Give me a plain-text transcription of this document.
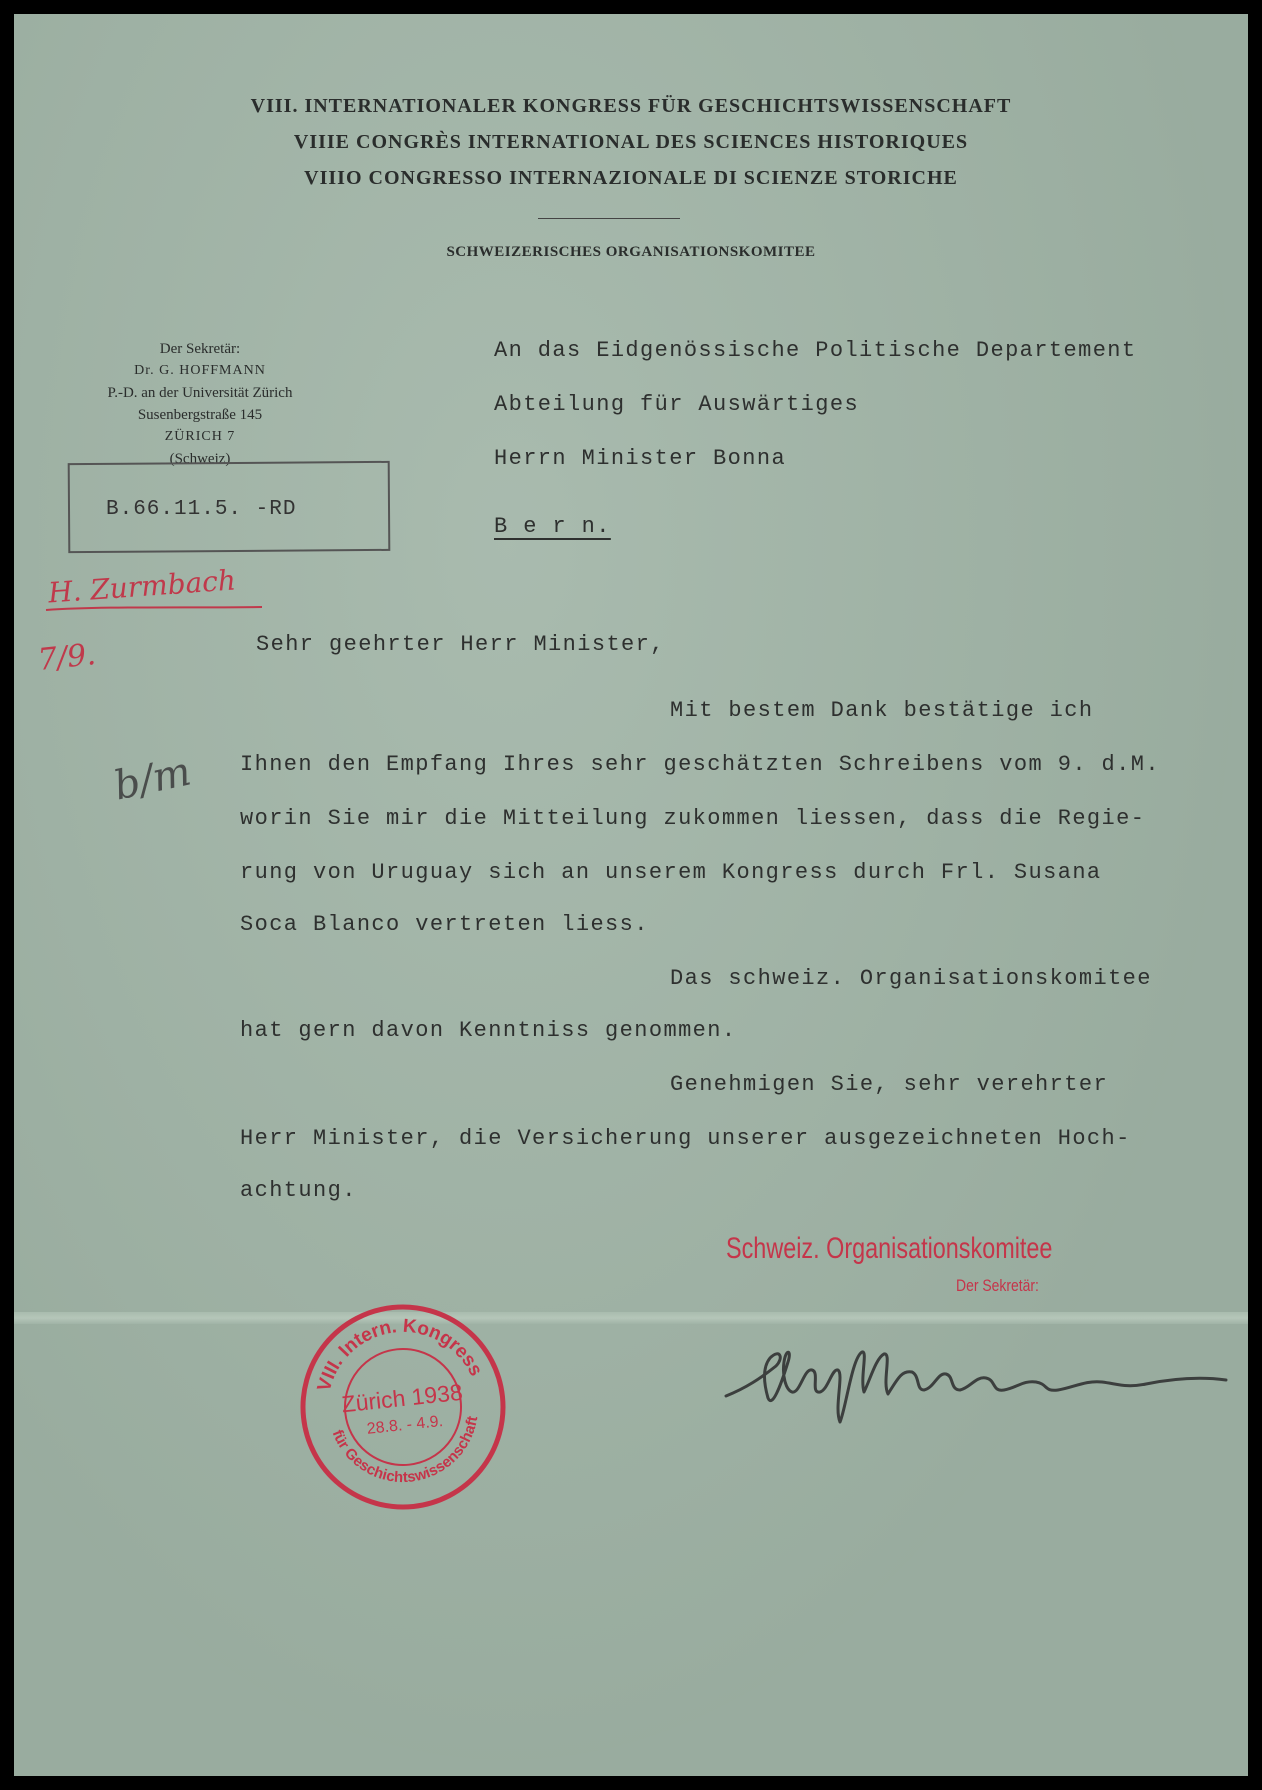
VIII. INTERNATIONALER KONGRESS FÜR GESCHICHTSWISSENSCHAFT
VIIIE CONGRÈS INTERNATIONAL DES SCIENCES HISTORIQUES
VIIIO CONGRESSO INTERNAZIONALE DI SCIENZE STORICHE
SCHWEIZERISCHES ORGANISATIONSKOMITEE
Der Sekretär:
Dr. G. HOFFMANN
P.-D. an der Universität Zürich
Susenbergstraße 145
ZÜRICH 7
(Schweiz)
B.66.11.5. -RD
An das Eidgenössische Politische Departement
Abteilung für Auswärtiges
Herrn Minister Bonna
B e r n.
Sehr geehrter Herr Minister,
Mit bestem Dank bestätige ich
Ihnen den Empfang Ihres sehr geschätzten Schreibens vom 9. d.M.
worin Sie mir die Mitteilung zukommen liessen, dass die Regie-
rung von Uruguay sich an unserem Kongress durch Frl. Susana
Soca Blanco vertreten liess.
Das schweiz. Organisationskomitee
hat gern davon Kenntniss genommen.
Genehmigen Sie, sehr verehrter
Herr Minister, die Versicherung unserer ausgezeichneten Hoch-
achtung.
H. Zurmbach
7/9.
b/m
Schweiz. Organisationskomitee
Der Sekretär:
VIII. Intern. Kongress
für Geschichtswissenschaft
Zürich 1938
28.8. - 4.9.
